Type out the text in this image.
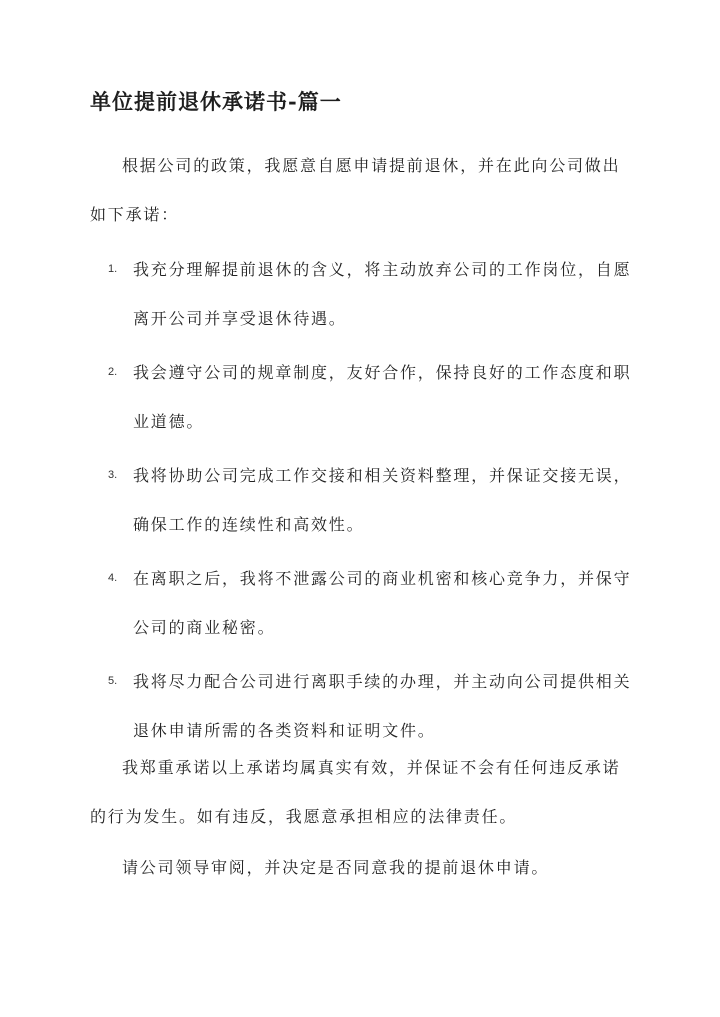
单位提前退休承诺书-篇一

根据公司的政策，我愿意自愿申请提前退休，并在此向公司做出如下承诺：

1. 我充分理解提前退休的含义，将主动放弃公司的工作岗位，自愿离开公司并享受退休待遇。
2. 我会遵守公司的规章制度，友好合作，保持良好的工作态度和职业道德。
3. 我将协助公司完成工作交接和相关资料整理，并保证交接无误，确保工作的连续性和高效性。
4. 在离职之后，我将不泄露公司的商业机密和核心竞争力，并保守公司的商业秘密。
5. 我将尽力配合公司进行离职手续的办理，并主动向公司提供相关退休申请所需的各类资料和证明文件。

我郑重承诺以上承诺均属真实有效，并保证不会有任何违反承诺的行为发生。如有违反，我愿意承担相应的法律责任。

请公司领导审阅，并决定是否同意我的提前退休申请。
